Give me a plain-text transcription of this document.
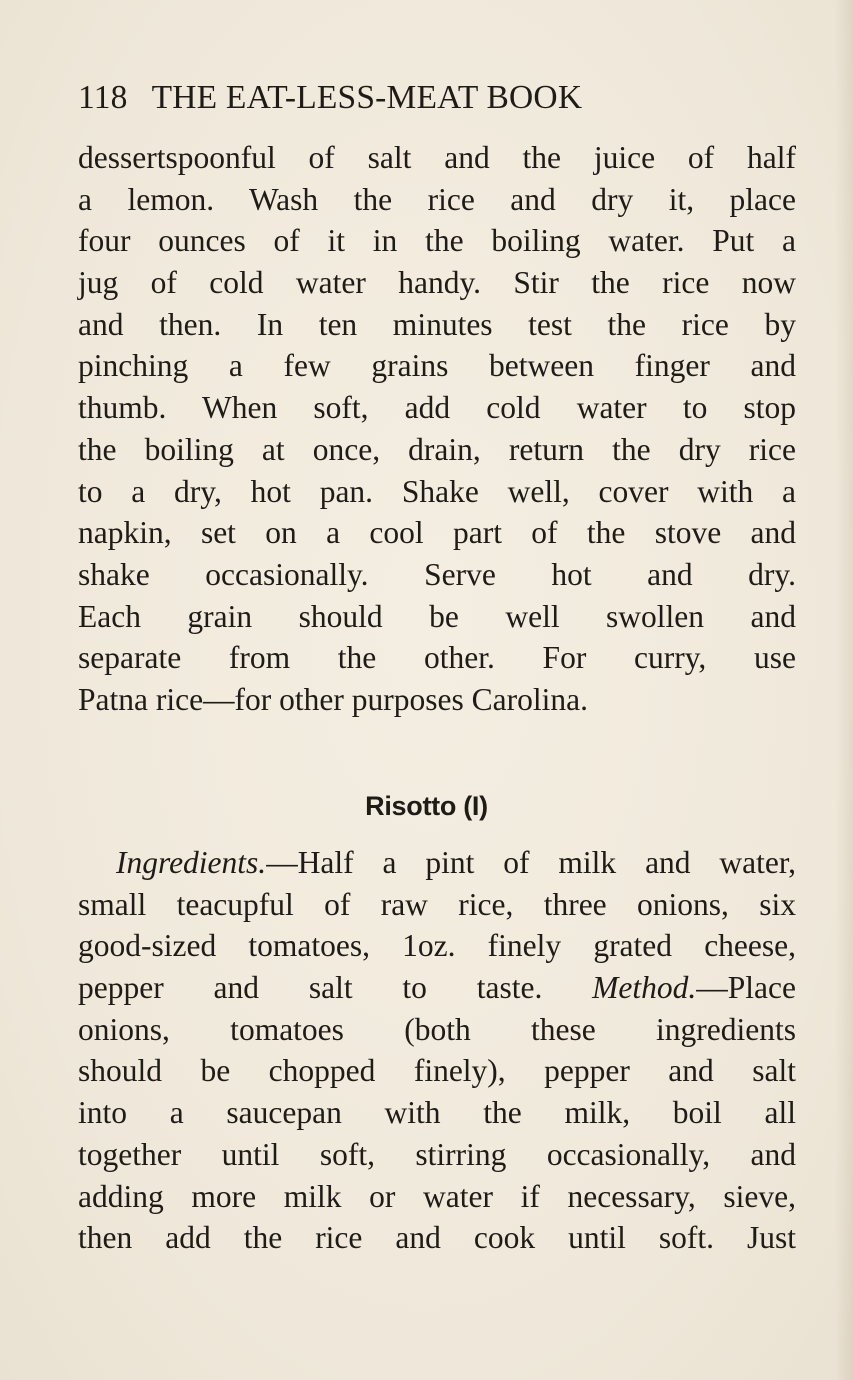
118 THE EAT-LESS-MEAT BOOK
dessertspoonful of salt and the juice of half
a lemon. Wash the rice and dry it, place
four ounces of it in the boiling water. Put a
jug of cold water handy. Stir the rice now
and then. In ten minutes test the rice by
pinching a few grains between finger and
thumb. When soft, add cold water to stop
the boiling at once, drain, return the dry rice
to a dry, hot pan. Shake well, cover with a
napkin, set on a cool part of the stove and
shake occasionally. Serve hot and dry.
Each grain should be well swollen and
separate from the other. For curry, use
Patna rice—for other purposes Carolina.
Risotto (I)
Ingredients.—Half a pint of milk and water,
small teacupful of raw rice, three onions, six
good-sized tomatoes, 1oz. finely grated cheese,
pepper and salt to taste. Method.—Place
onions, tomatoes (both these ingredients
should be chopped finely), pepper and salt
into a saucepan with the milk, boil all
together until soft, stirring occasionally, and
adding more milk or water if necessary, sieve,
then add the rice and cook until soft. Just
